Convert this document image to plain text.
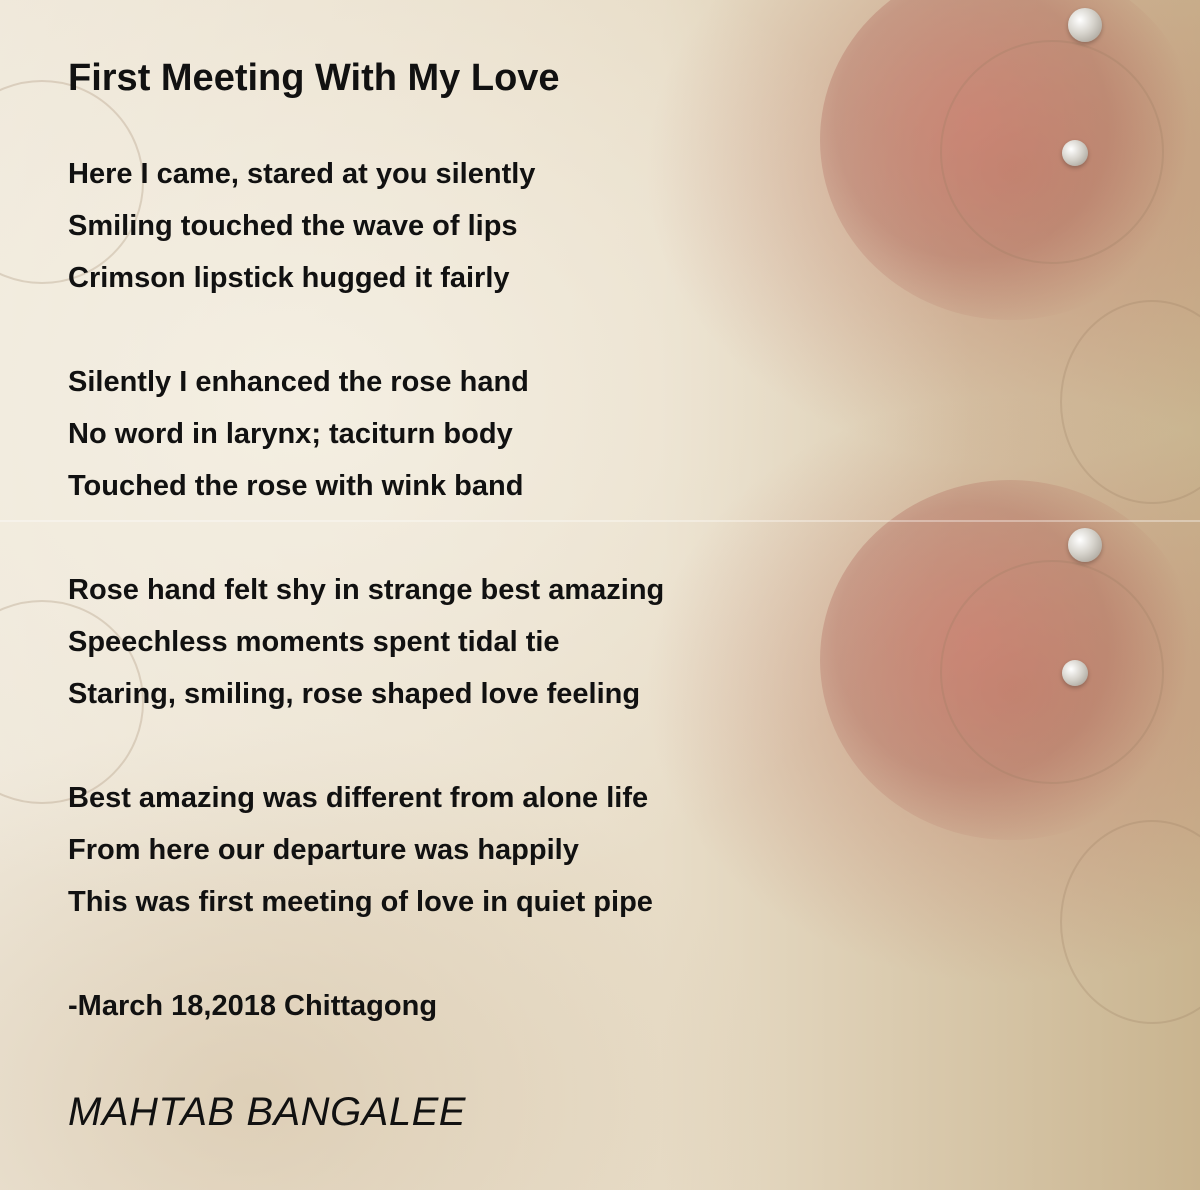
First Meeting With My Love
Here I came, stared at you silently
Smiling touched the wave of lips
Crimson lipstick hugged it fairly
Silently I enhanced the rose hand
No word in larynx; taciturn body
Touched the rose with wink band
Rose hand felt shy in strange best amazing
Speechless moments spent tidal tie
Staring, smiling, rose shaped love feeling
Best amazing was different from alone life
From here our departure was happily
This was first meeting of love in quiet pipe
-March 18,2018 Chittagong
MAHTAB BANGALEE
